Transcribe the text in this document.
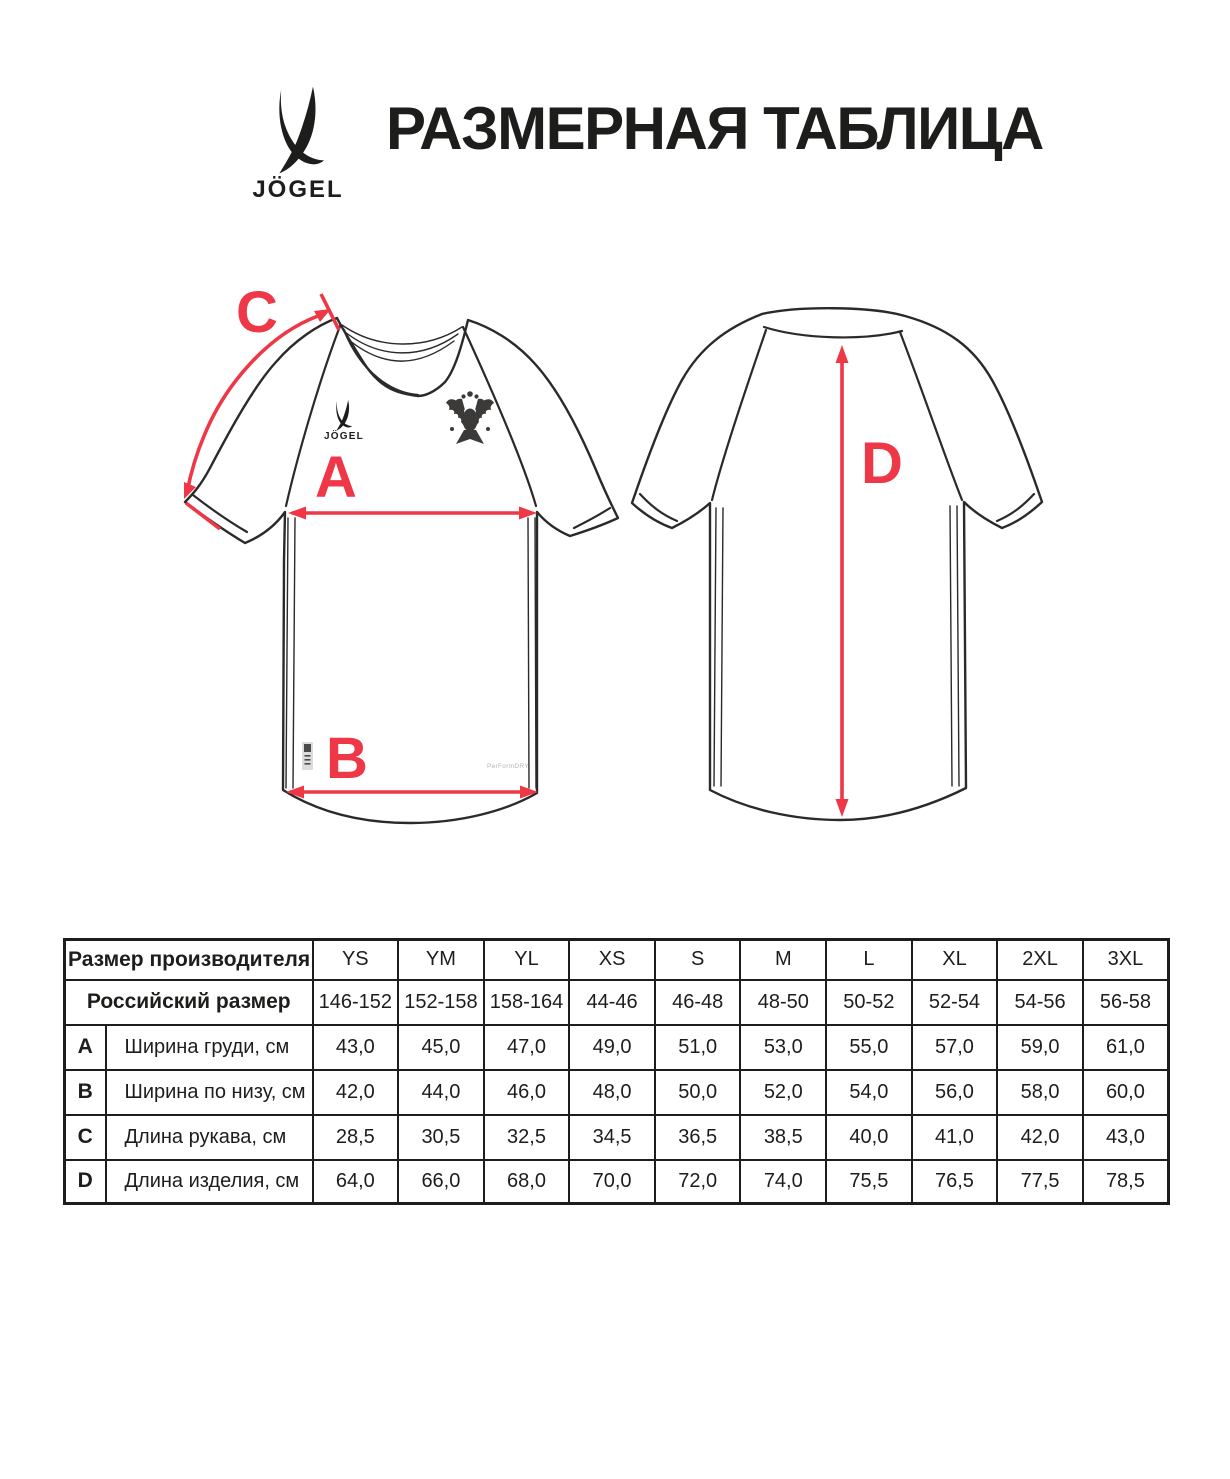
JÖGEL
РАЗМЕРНАЯ ТАБЛИЦА
JÖGEL
PerFormDRY
A
B
C
D
Размер производителя		YS	YM	YL	XS	S	M	L	XL	2XL	3XL
Российский размер		146-152	152-158	158-164	44-46	46-48	48-50	50-52	52-54	54-56	56-58
A	Ширина груди, см	43,0	45,0	47,0	49,0	51,0	53,0	55,0	57,0	59,0	61,0
B	Ширина по низу, см	42,0	44,0	46,0	48,0	50,0	52,0	54,0	56,0	58,0	60,0
C	Длина рукава, см	28,5	30,5	32,5	34,5	36,5	38,5	40,0	41,0	42,0	43,0
D	Длина изделия, см	64,0	66,0	68,0	70,0	72,0	74,0	75,5	76,5	77,5	78,5
